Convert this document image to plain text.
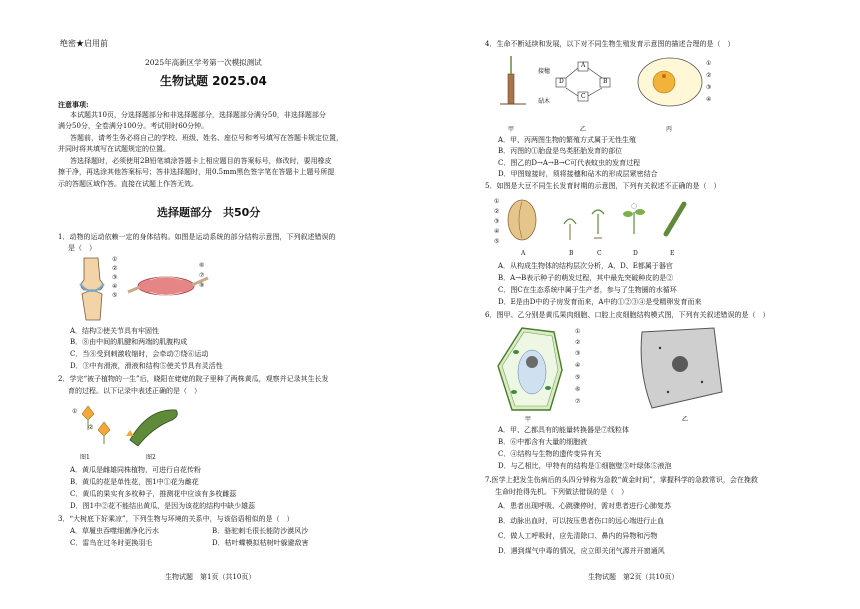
绝密★启用前
2025年高新区学考第一次模拟测试
生物试题 2025.04
注意事项:
本试题共10页，分选择题部分和非选择题部分，选择题部分满分50，非选择题部分
满分50分，全卷满分100分。考试用时60分钟。
答题前，请考生务必将自己的学校、班级、姓名、座位号和考号填写在答题卡规定位置，
并同时将其填写在试题规定的位置。
答选择题时，必须使用2B铅笔填涂答题卡上相应题目的答案标号，修改时，要用橡皮
擦干净，再选涂其他答案标号；答非选择题时，用0.5mm黑色签字笔在答题卡上题号所提
示的答题区域作答。直接在试题上作答无效。
选择题部分　共50分
1．动物的运动依赖一定的身体结构。如图是运动系统的部分结构示意图，下列叙述错误的
是（　）
①
②
③
④
⑤
⑥
⑦
⑧
A．结构②使关节具有牢固性
B．⑧由中间的肌腱和两端的肌腹构成
C．当⑧受到刺激收缩时，会牵动⑦绕⑥运动
D．③中有滑液，滑液和结构⑤使关节具有灵活性
2．学完“被子植物的一生”后，晓阳在姥姥的院子里种了两株黄瓜，观察并记录其生长发
育的过程。以下记录中表述正确的是（　）
①
②
图1	图2
A．黄瓜是雌雄同株植物，可进行自花传粉
B．黄瓜的花是单性花，图1中①花为雌花
C．黄瓜的果实有多枚种子，推测花中应该有多枚雌蕊
D．图1中②花不能结出黄瓜，是因为该花的结构中缺少雄蕊
3．“大树底下好乘凉”，下列生物与环境的关系中，与该俗语相似的是（　）
A．草履虫吞噬细菌净化污水	B．骆驼刺毛很长能防沙漠风沙
C．雷鸟在过冬时更换羽毛	D．枯叶蝶模拟枯树叶躲避敌害
生物试题　第1页（共10页）
4．生命不断延续和发展，以下对不同生物生殖发育示意图的描述合理的是（　）
接穗
砧木
A
B
C
D
①
②
③
④
甲	乙	丙
A．甲、丙两图生物的繁殖方式属于无性生殖
B．丙图的①胎盘是鸟类胚胎发育的部位
C．图乙的D→A→B→C可代表蚊虫的发育过程
D．甲图嫁接时，须将接穗和砧木的形成层紧密结合
5．如图是大豆不同生长发育时期的示意图，下列有关叙述不正确的是（　）
①
②
③
④
⑤
A	B	C	D	E
A．从构成生物体的结构层次分析，A、D、E都属于器官
B．A→B表示种子的萌发过程，其中最先突破种皮的是②
C．图C在生态系统中属于生产者，参与了生物圈的水循环
D．E是由D中的子房发育而来，A中的①②③④是受精卵发育而来
6．图甲、乙分别是黄瓜果肉细胞、口腔上皮细胞结构模式图，下列有关叙述错误的是（　）
①
②
③
④
⑤
⑥
⑦
甲	乙
A．甲、乙都具有的能量转换器是⑦线粒体
B．⑥中都含有大量的细胞液
C．④结构与生物的遗传变异有关
D．与乙相比，甲特有的结构是①细胞壁③叶绿体⑤液泡
7.医学上把发生伤病后的头四分钟称为急救“黄金时间”，掌握科学的急救常识，会在挽救
生命时抢得先机。下列做法错误的是（　）
A．患者出现呼吸、心跳骤停时，需对患者进行心肺复苏
B．动脉出血时，可以按压患者伤口的远心端进行止血
C．做人工呼吸时，应先清除口、鼻内的异物和污物
D．遇到煤气中毒的情况，应立即关闭气源并开窗通风
生物试题　第2页（共10页）
